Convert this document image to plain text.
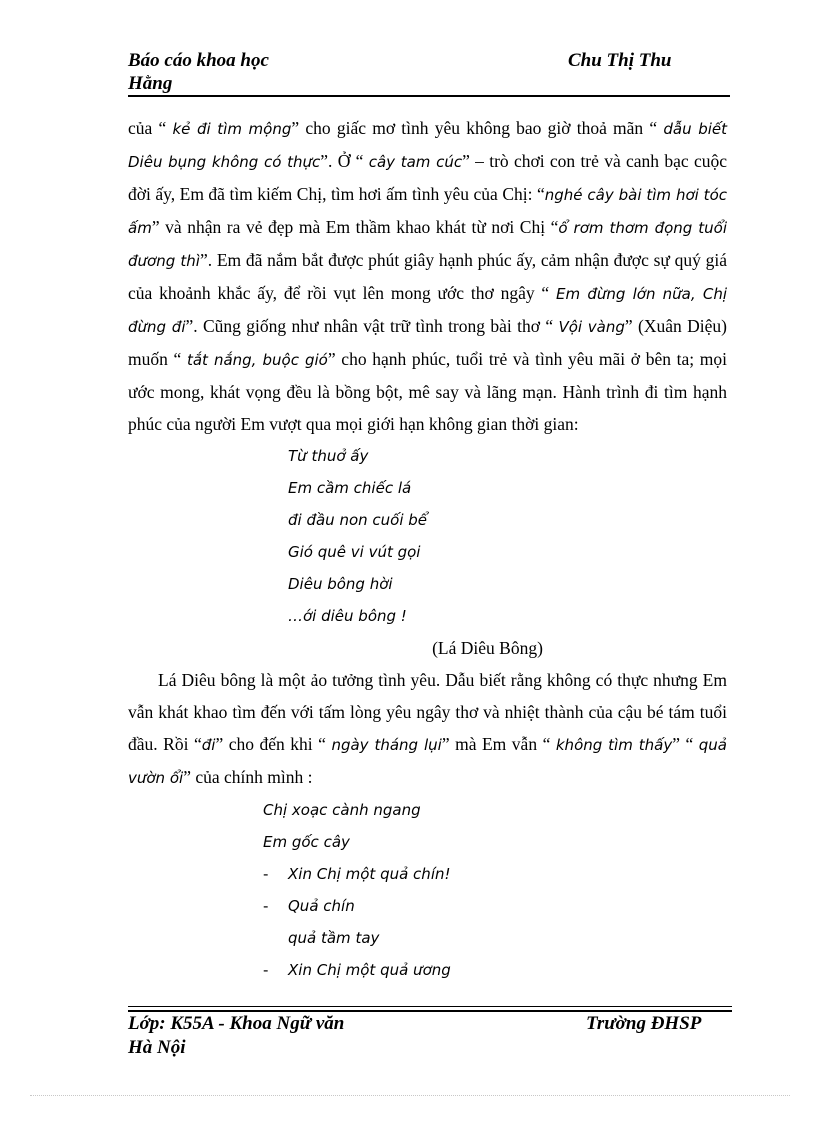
Báo cáo khoa học	Chu Thị Thu
Hằng

của “ kẻ đi tìm mộng” cho giấc mơ tình yêu không bao giờ thoả mãn “ dẫu biết Diêu bụng không có thực”. Ở “ cây tam cúc” – trò chơi con trẻ và canh bạc cuộc đời ấy, Em đã tìm kiếm Chị, tìm hơi ấm tình yêu của Chị: “nghé cây bài tìm hơi tóc ấm” và nhận ra vẻ đẹp mà Em thầm khao khát từ nơi Chị “ổ rơm thơm đọng tuổi đương thì”. Em đã nắm bắt được phút giây hạnh phúc ấy, cảm nhận được sự quý giá của khoảnh khắc ấy, để rồi vụt lên mong ước thơ ngây “ Em đừng lớn nữa, Chị đừng đi”. Cũng giống như nhân vật trữ tình trong bài thơ “ Vội vàng” (Xuân Diệu) muốn “ tắt nắng, buộc gió” cho hạnh phúc, tuổi trẻ và tình yêu mãi ở bên ta; mọi ước mong, khát vọng đều là bồng bột, mê say và lãng mạn. Hành trình đi tìm hạnh phúc của người Em vượt qua mọi giới hạn không gian thời gian:

Từ thuở ấy
Em cầm chiếc lá
đi đầu non cuối bể
Gió quê vi vút gọi
Diêu bông hời
…ới diêu bông !
(Lá Diêu Bông)

Lá Diêu bông là một ảo tưởng tình yêu. Dẫu biết rằng không có thực nhưng Em vẫn khát khao tìm đến với tấm lòng yêu ngây thơ và nhiệt thành của cậu bé tám tuổi đầu. Rồi “đi” cho đến khi “ ngày tháng lụi” mà Em vẫn “ không tìm thấy” “ quả vườn ổi” của chính mình :

Chị xoạc cành ngang
Em gốc cây
- Xin Chị một quả chín!
- Quả chín
quả tầm tay
- Xin Chị một quả ương
Lớp: K55A - Khoa Ngữ văn	Trường ĐHSP
Hà Nội
